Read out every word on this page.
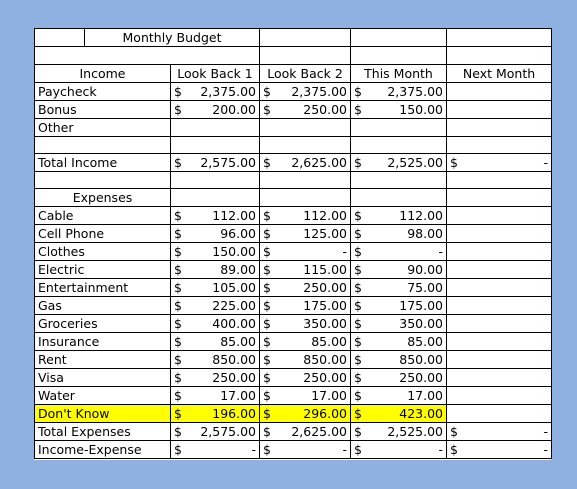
	Monthly Budget				

Income		Look Back 1	Look Back 2	This Month	Next Month
Paycheck		$ 2,375.00	$ 2,375.00	$ 2,375.00	

Bonus		$ 200.00	$ 250.00	$ 150.00	

Other					

Total Income		$ 2,575.00	$ 2,625.00	$ 2,525.00	$ -

Expenses					
Cable		$ 112.00	$ 112.00	$ 112.00	

Cell Phone		$ 96.00	$ 125.00	$ 98.00	

Clothes		$ 150.00	$ -	$ -	

Electric		$ 89.00	$ 115.00	$ 90.00	

Entertainment		$ 105.00	$ 250.00	$ 75.00	

Gas		$ 225.00	$ 175.00	$ 175.00	

Groceries		$ 400.00	$ 350.00	$ 350.00	

Insurance		$ 85.00	$ 85.00	$ 85.00	

Rent		$ 850.00	$ 850.00	$ 850.00	

Visa		$ 250.00	$ 250.00	$ 250.00	

Water		$ 17.00	$ 17.00	$ 17.00	

Don't Know		$ 196.00	$ 296.00	$ 423.00	

Total Expenses		$ 2,575.00	$ 2,625.00	$ 2,525.00	$ -

Income-Expense		$ -	$ -	$ -	$ -
